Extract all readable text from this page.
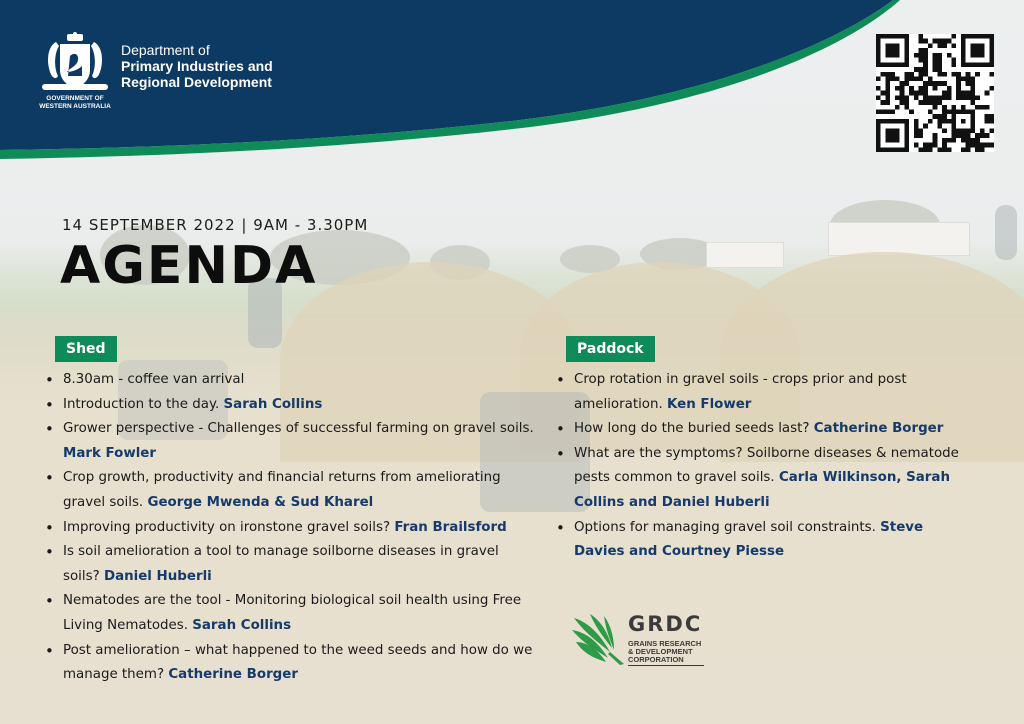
GOVERNMENT OF
WESTERN AUSTRALIA
Department of
Primary Industries and
Regional Development
14 SEPTEMBER 2022 | 9AM - 3.30PM
AGENDA
Shed
• 8.30am - coffee van arrival
• Introduction to the day. Sarah Collins
• Grower perspective - Challenges of successful farming on gravel soils. Mark Fowler
• Crop growth, productivity and financial returns from ameliorating gravel soils. George Mwenda & Sud Kharel
• Improving productivity on ironstone gravel soils? Fran Brailsford
• Is soil amelioration a tool to manage soilborne diseases in gravel soils? Daniel Huberli
• Nematodes are the tool - Monitoring biological soil health using Free Living Nematodes. Sarah Collins
• Post amelioration – what happened to the weed seeds and how do we manage them? Catherine Borger
Paddock
• Crop rotation in gravel soils - crops prior and post amelioration. Ken Flower
• How long do the buried seeds last? Catherine Borger
• What are the symptoms? Soilborne diseases & nematode pests common to gravel soils. Carla Wilkinson, Sarah Collins and Daniel Huberli
• Options for managing gravel soil constraints. Steve Davies and Courtney Piesse
GRDC
GRAINS RESEARCH
& DEVELOPMENT
CORPORATION
